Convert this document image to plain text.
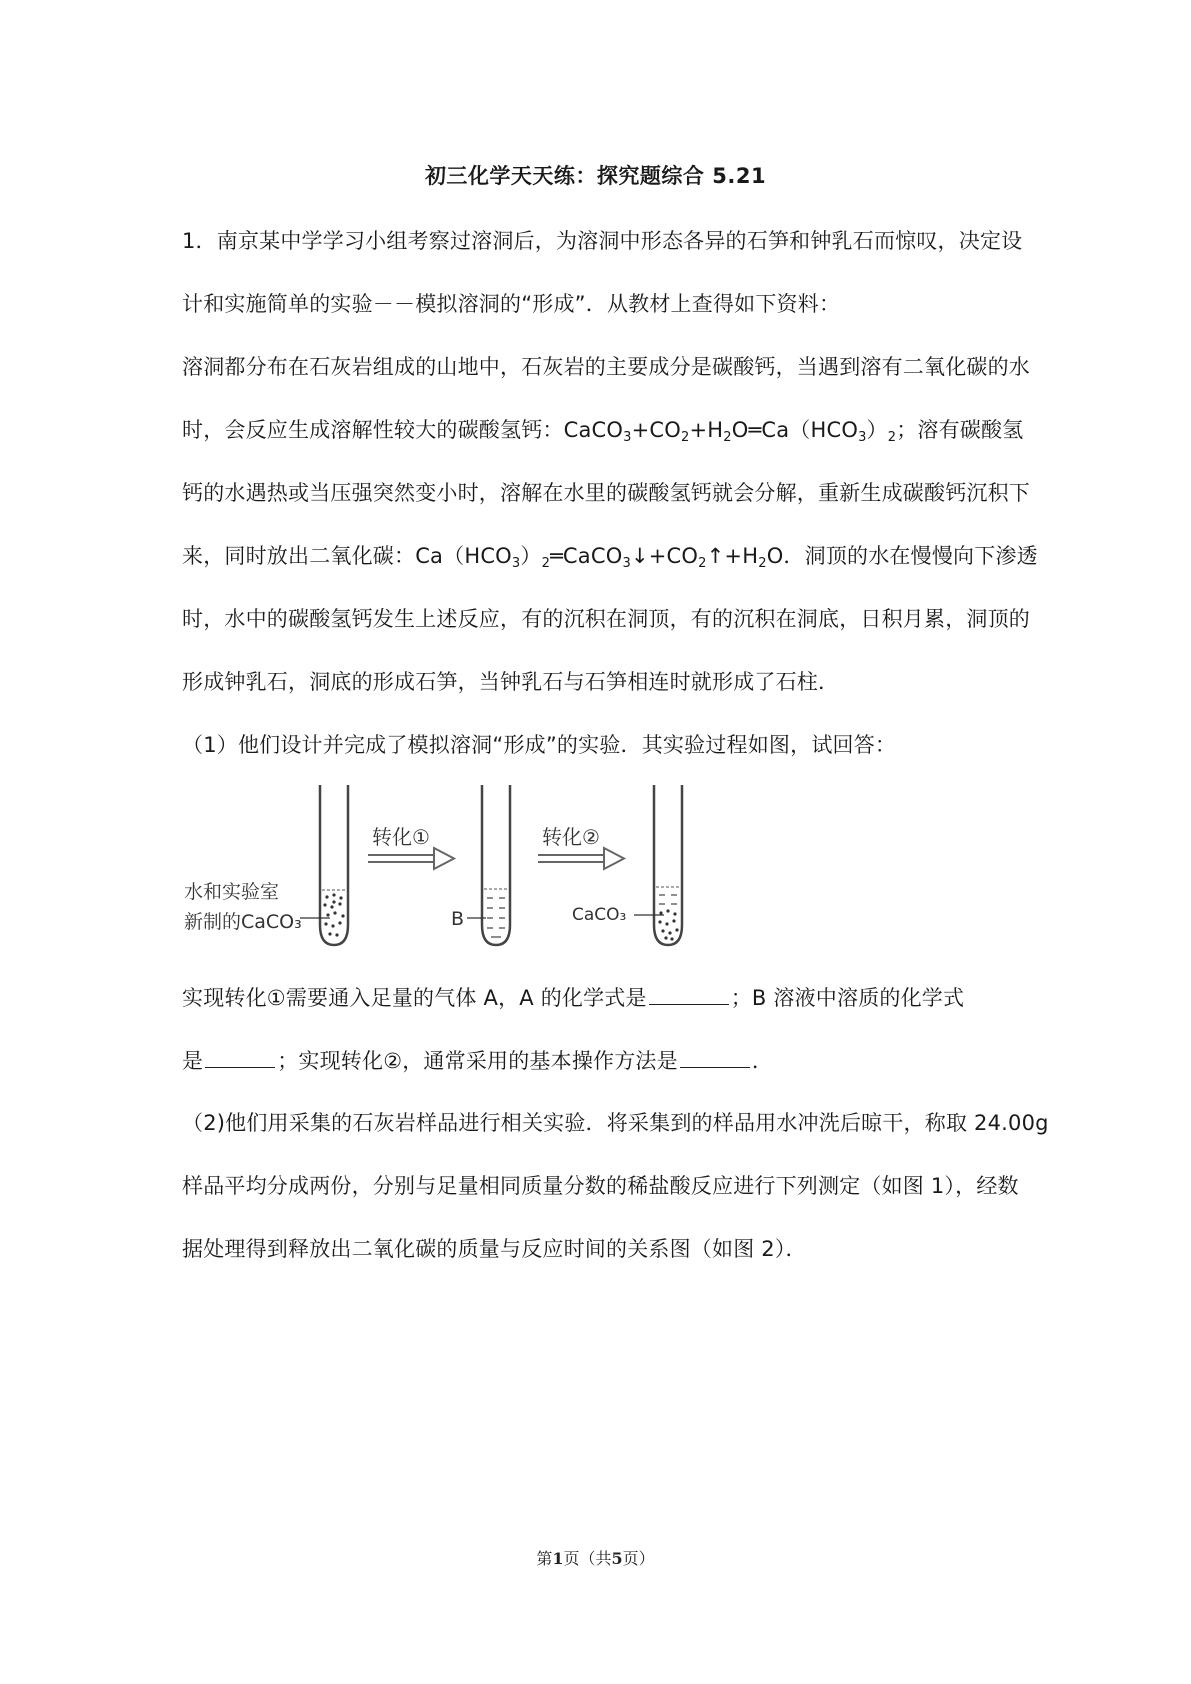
初三化学天天练：探究题综合 5.21
1．南京某中学学习小组考察过溶洞后，为溶洞中形态各异的石笋和钟乳石而惊叹，决定设
计和实施简单的实验－－模拟溶洞的“形成”．从教材上查得如下资料：
溶洞都分布在石灰岩组成的山地中，石灰岩的主要成分是碳酸钙，当遇到溶有二氧化碳的水
时，会反应生成溶解性较大的碳酸氢钙：$CaCO_3+CO_2+H_2O═Ca(HCO_3)_2$；溶有碳酸氢
钙的水遇热或当压强突然变小时，溶解在水里的碳酸氢钙就会分解，重新生成碳酸钙沉积下
来，同时放出二氧化碳：$Ca(HCO_3)_2═CaCO_3↓+CO_2↑+H_2O$．洞顶的水在慢慢向下渗透
时，水中的碳酸氢钙发生上述反应，有的沉积在洞顶，有的沉积在洞底，日积月累，洞顶的
形成钟乳石，洞底的形成石笋，当钟乳石与石笋相连时就形成了石柱．
（1）他们设计并完成了模拟溶洞“形成”的实验．其实验过程如图，试回答：
水和实验室
新制的CaCO₃
转化①
B
转化②
CaCO₃
实现转化①需要通入足量的气体 A，A 的化学式是	；B 溶液中溶质的化学式
是	；实现转化②，通常采用的基本操作方法是	．
（2)他们用采集的石灰岩样品进行相关实验．将采集到的样品用水冲洗后晾干，称取 24.00g
样品平均分成两份，分别与足量相同质量分数的稀盐酸反应进行下列测定（如图 1），经数
据处理得到释放出二氧化碳的质量与反应时间的关系图（如图 2）．
第1页（共5页）
